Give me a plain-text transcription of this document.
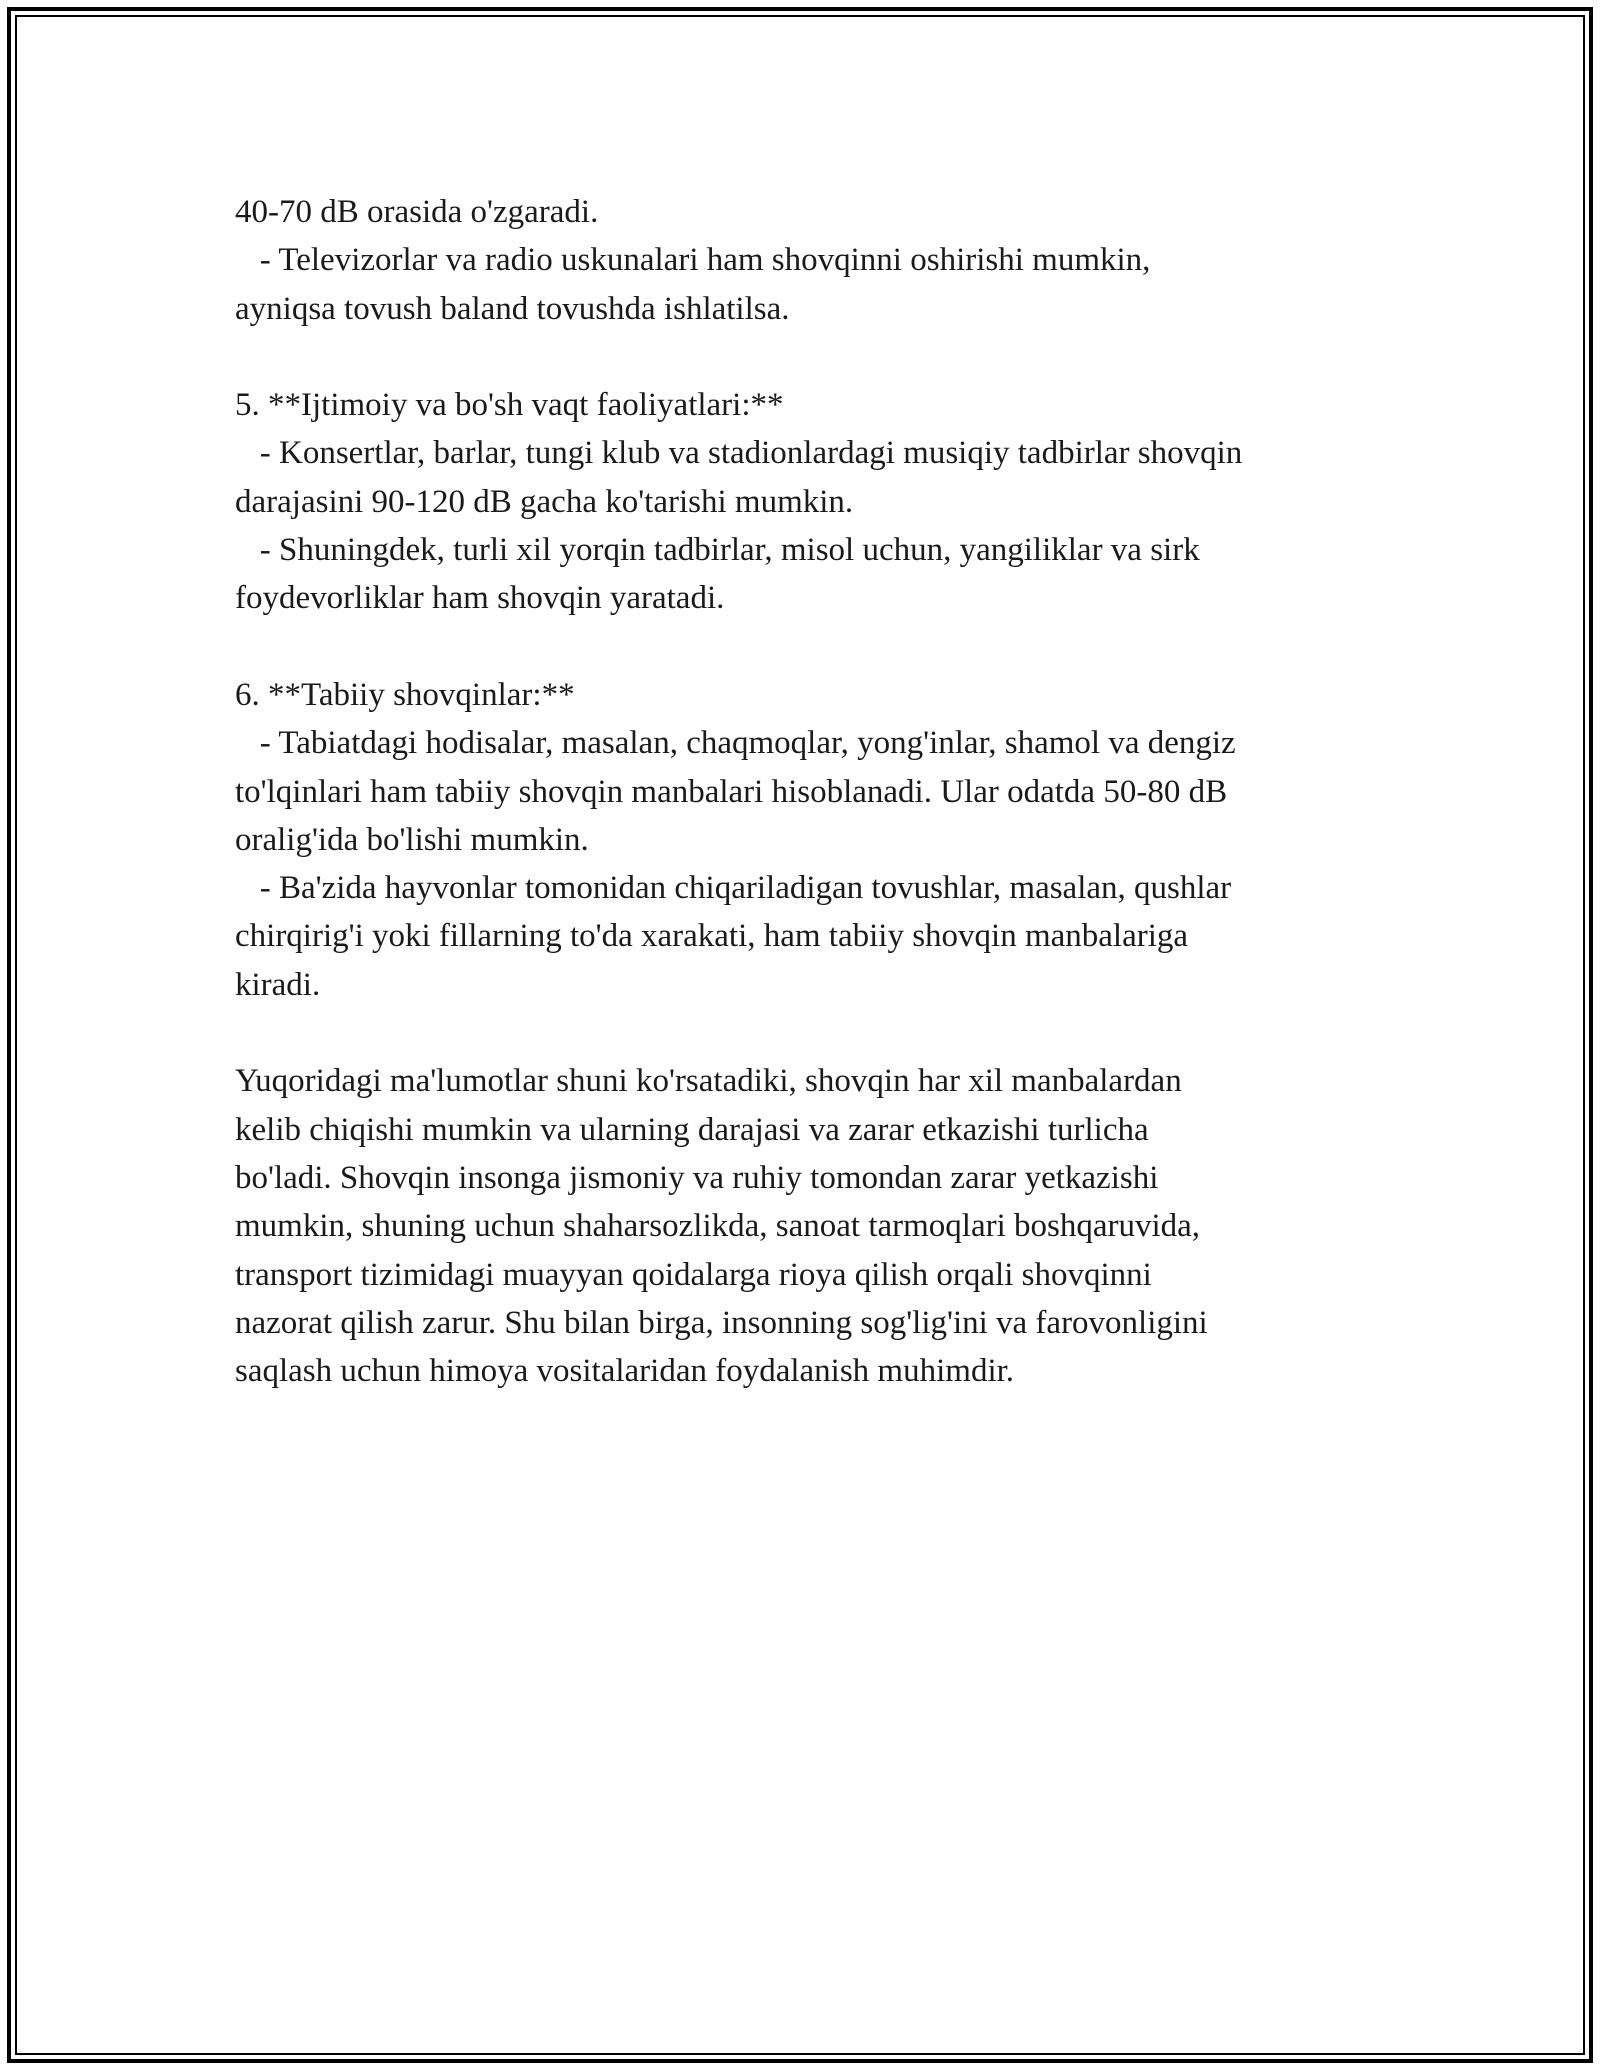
40-70 dB orasida o'zgaradi.
- Televizorlar va radio uskunalari ham shovqinni oshirishi mumkin,
ayniqsa tovush baland tovushda ishlatilsa.
5. **Ijtimoiy va bo'sh vaqt faoliyatlari:**
- Konsertlar, barlar, tungi klub va stadionlardagi musiqiy tadbirlar shovqin
darajasini 90-120 dB gacha ko'tarishi mumkin.
- Shuningdek, turli xil yorqin tadbirlar, misol uchun, yangiliklar va sirk
foydevorliklar ham shovqin yaratadi.
6. **Tabiiy shovqinlar:**
- Tabiatdagi hodisalar, masalan, chaqmoqlar, yong'inlar, shamol va dengiz
to'lqinlari ham tabiiy shovqin manbalari hisoblanadi. Ular odatda 50-80 dB
oralig'ida bo'lishi mumkin.
- Ba'zida hayvonlar tomonidan chiqariladigan tovushlar, masalan, qushlar
chirqirig'i yoki fillarning to'da xarakati, ham tabiiy shovqin manbalariga
kiradi.
Yuqoridagi ma'lumotlar shuni ko'rsatadiki, shovqin har xil manbalardan
kelib chiqishi mumkin va ularning darajasi va zarar etkazishi turlicha
bo'ladi. Shovqin insonga jismoniy va ruhiy tomondan zarar yetkazishi
mumkin, shuning uchun shaharsozlikda, sanoat tarmoqlari boshqaruvida,
transport tizimidagi muayyan qoidalarga rioya qilish orqali shovqinni
nazorat qilish zarur. Shu bilan birga, insonning sog'lig'ini va farovonligini
saqlash uchun himoya vositalaridan foydalanish muhimdir.
